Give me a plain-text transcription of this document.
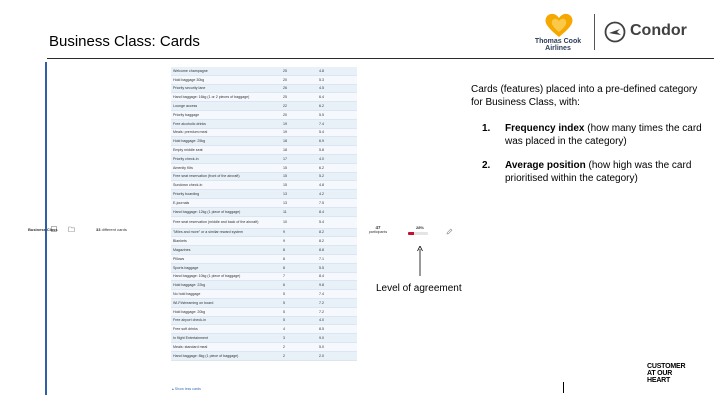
Business Class: Cards	Thomas Cook
Airlines
Condor
Business Class	33 different cards
Welcome champagne	25	4.8
Hold baggage 30kg	20	5.3
Priority security lane	26	4.5
Hand baggage: 16kg (1 or 2 pieces of baggage)	25	6.4
Lounge access	22	6.2
Priority baggage	20	5.5
Free alcoholic drinks	19	7.4
Meals: premium meal	19	5.4
Hold baggage: 25kg	18	6.9
Empty middle seat	18	5.8
Priority check-in	17	4.0
Amenity Kits	15	6.2
Free seat reservation (front of the aircraft)	15	5.2
Sundown check-in	15	4.8
Priority boarding	13	4.2
E-journals	13	7.5
Hand baggage: 12kg (1 piece of baggage)	11	8.4
Free seat reservation (middle and back of the aircraft)	10	5.4
"Miles and more" or a similar reward system	9	8.2
Blankets	9	8.2
Magazines	8	8.8
Pillows	8	7.1
Sports baggage	8	5.5
Hand baggage: 10kg (1 piece of baggage)	7	8.4
Hold baggage: 22kg	6	9.8
No hold baggage	5	7.4
Wi-Fi/streaming on board	5	7.2
Hold baggage: 20kg	5	7.2
Free airport check-in	5	4.0
Free soft drinks	4	8.5
In flight Entertainment	3	9.0
Meals: standard meal	2	5.0
Hand baggage: 8kg (1 piece of baggage)	2	2.0
▴ Show less cards
47
participants
28%
Level of agreement

Cards (features) placed into a pre-defined category for Business Class, with:

1. Frequency index (how many times the card was placed in the category)
2. Average position (how high was the card prioritised within the category)
CUSTOMER
AT OUR
HEART
